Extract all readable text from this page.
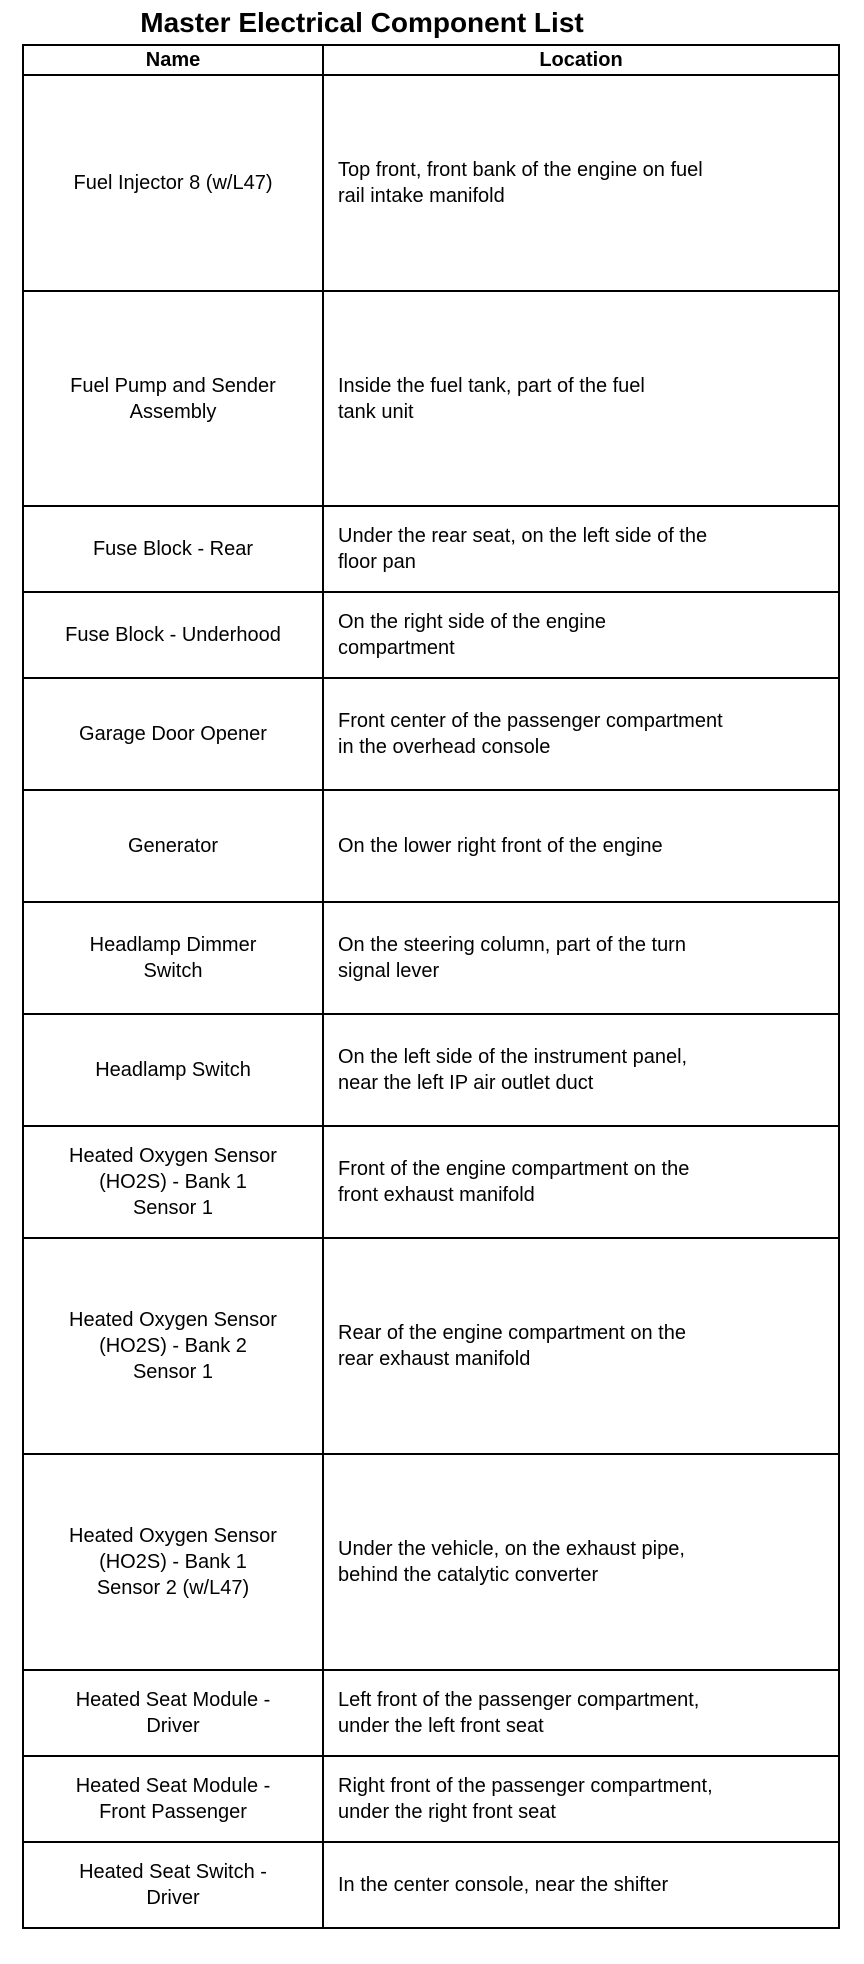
Master Electrical Component List
Name	Location

Fuel Injector 8 (w/L47)	Top front, front bank of the engine on fuel
rail intake manifold

Fuel Pump and Sender
Assembly	Inside the fuel tank, part of the fuel
tank unit

Fuse Block - Rear	Under the rear seat, on the left side of the
floor pan

Fuse Block - Underhood	On the right side of the engine
compartment

Garage Door Opener	Front center of the passenger compartment
in the overhead console

Generator	On the lower right front of the engine

Headlamp Dimmer
Switch	On the steering column, part of the turn
signal lever

Headlamp Switch	On the left side of the instrument panel,
near the left IP air outlet duct

Heated Oxygen Sensor
(HO2S) - Bank 1
Sensor 1	Front of the engine compartment on the
front exhaust manifold

Heated Oxygen Sensor
(HO2S) - Bank 2
Sensor 1	Rear of the engine compartment on the
rear exhaust manifold

Heated Oxygen Sensor
(HO2S) - Bank 1
Sensor 2 (w/L47)	Under the vehicle, on the exhaust pipe,
behind the catalytic converter

Heated Seat Module -
Driver	Left front of the passenger compartment,
under the left front seat

Heated Seat Module -
Front Passenger	Right front of the passenger compartment,
under the right front seat

Heated Seat Switch -
Driver	In the center console, near the shifter
